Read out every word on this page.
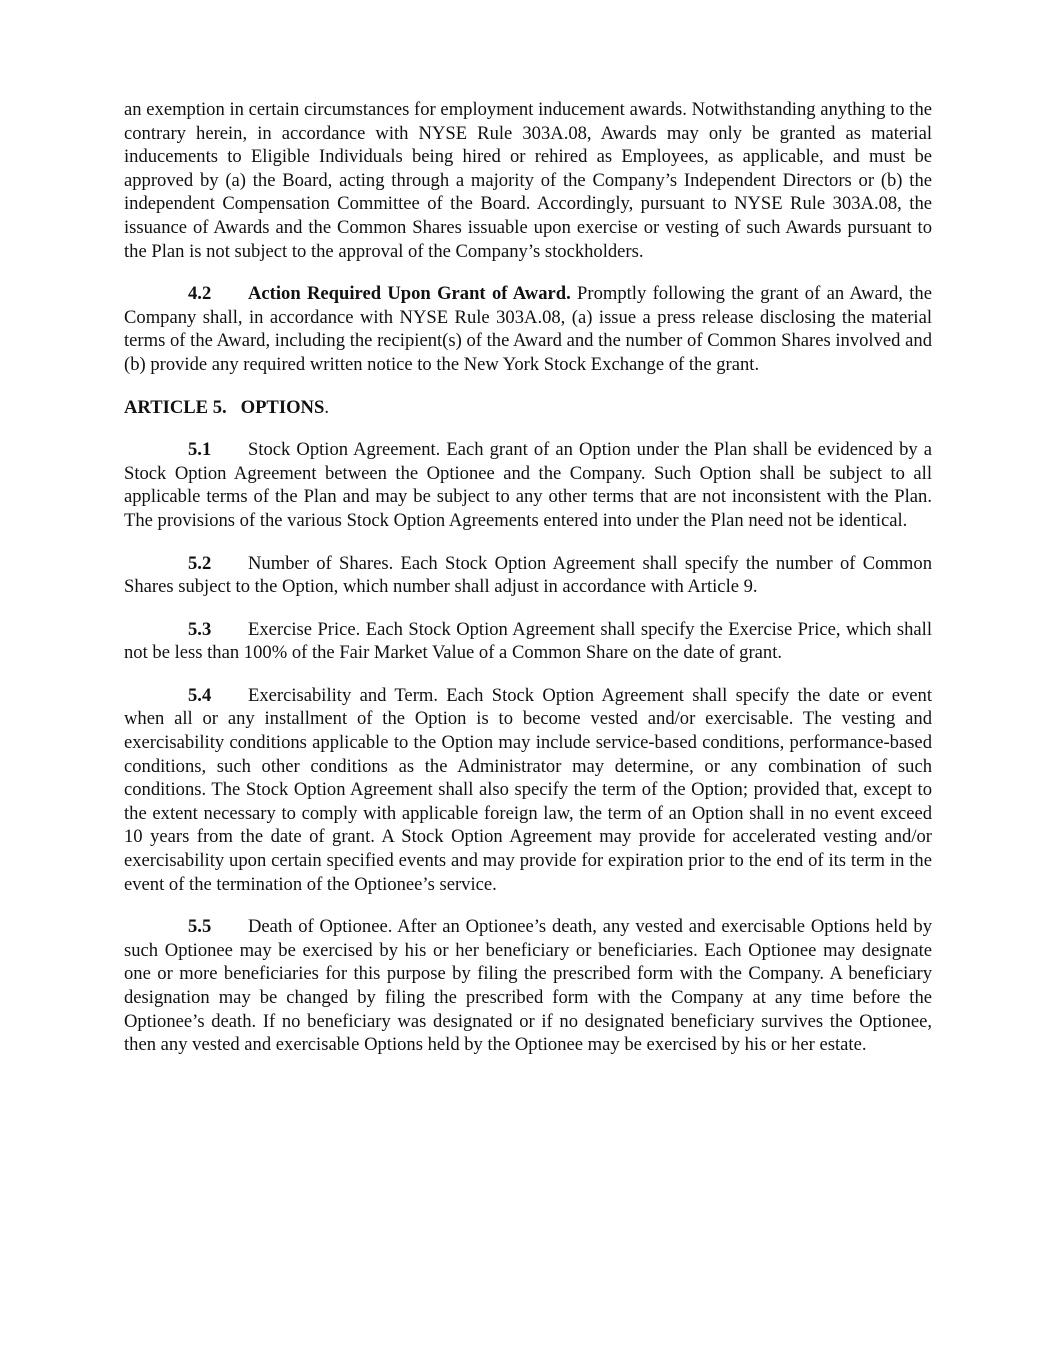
an exemption in certain circumstances for employment inducement awards. Notwithstanding anything to the contrary herein, in accordance with NYSE Rule 303A.08, Awards may only be granted as material inducements to Eligible Individuals being hired or rehired as Employees, as applicable, and must be approved by (a) the Board, acting through a majority of the Company’s Independent Directors or (b) the independent Compensation Committee of the Board. Accordingly, pursuant to NYSE Rule 303A.08, the issuance of Awards and the Common Shares issuable upon exercise or vesting of such Awards pursuant to the Plan is not subject to the approval of the Company’s stockholders.

4.2 Action Required Upon Grant of Award. Promptly following the grant of an Award, the Company shall, in accordance with NYSE Rule 303A.08, (a) issue a press release disclosing the material terms of the Award, including the recipient(s) of the Award and the number of Common Shares involved and (b) provide any required written notice to the New York Stock Exchange of the grant.

ARTICLE 5.   OPTIONS.

5.1 Stock Option Agreement. Each grant of an Option under the Plan shall be evidenced by a Stock Option Agreement between the Optionee and the Company. Such Option shall be subject to all applicable terms of the Plan and may be subject to any other terms that are not inconsistent with the Plan. The provisions of the various Stock Option Agreements entered into under the Plan need not be identical.

5.2 Number of Shares. Each Stock Option Agreement shall specify the number of Common Shares subject to the Option, which number shall adjust in accordance with Article 9.

5.3 Exercise Price. Each Stock Option Agreement shall specify the Exercise Price, which shall not be less than 100% of the Fair Market Value of a Common Share on the date of grant.

5.4 Exercisability and Term. Each Stock Option Agreement shall specify the date or event when all or any installment of the Option is to become vested and/or exercisable. The vesting and exercisability conditions applicable to the Option may include service-based conditions, performance-based conditions, such other conditions as the Administrator may determine, or any combination of such conditions. The Stock Option Agreement shall also specify the term of the Option; provided that, except to the extent necessary to comply with applicable foreign law, the term of an Option shall in no event exceed 10 years from the date of grant. A Stock Option Agreement may provide for accelerated vesting and/or exercisability upon certain specified events and may provide for expiration prior to the end of its term in the event of the termination of the Optionee’s service.

5.5 Death of Optionee. After an Optionee’s death, any vested and exercisable Options held by such Optionee may be exercised by his or her beneficiary or beneficiaries. Each Optionee may designate one or more beneficiaries for this purpose by filing the prescribed form with the Company. A beneficiary designation may be changed by filing the prescribed form with the Company at any time before the Optionee’s death. If no beneficiary was designated or if no designated beneficiary survives the Optionee, then any vested and exercisable Options held by the Optionee may be exercised by his or her estate.
